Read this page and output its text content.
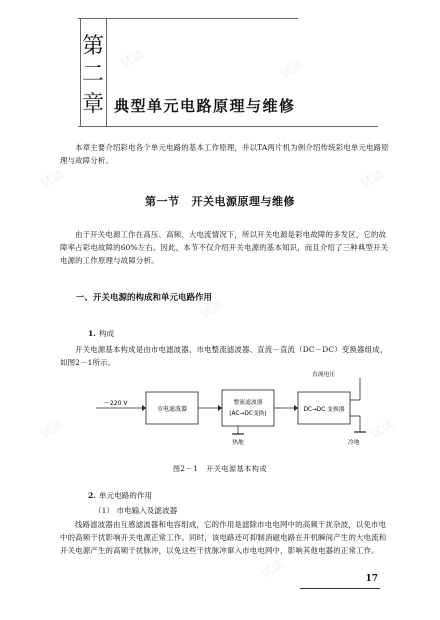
第
二
章 典型单元电路原理与维修
本章主要介绍彩电各个单元电路的基本工作原理，并以TA两片机为例介绍传统彩电单元电路原理与故障分析。
第一节 开关电源原理与维修
由于开关电源工作在高压、高频、大电流情况下，所以开关电源是彩电故障的多发区，它的故障率占彩电故障的60%左右。因此，本节不仅介绍开关电源的基本知识，而且介绍了三种典型开关电源的工作原理与故障分析。
一、开关电源的构成和单元电路作用
1. 构成
开关电源基本构成是由市电滤波器、市电整流滤波器、直流－直流（DC－DC）变换器组成，如图2－1所示。
～220 V
市电滤波器
整流滤波器
(AC→DC变换)
热地
DC→DC 变换器
直流电压
冷地
图2－1 开关电源基本构成
2. 单元电路的作用
（1） 市电输入及滤波器
线路滤波器由互感滤波器和电容组成，它的作用是滤除市电电网中的高频干扰杂波，以免市电中的高频干扰影响开关电源正常工作。同时，该电路还可抑制消磁电路在开机瞬间产生的大电流和开关电源产生的高频干扰脉冲，以免这些干扰脉冲窜入市电电网中，影响其他电器的正常工作。
17
试读	试读
试读	试读
试读
试读	试读
试读
